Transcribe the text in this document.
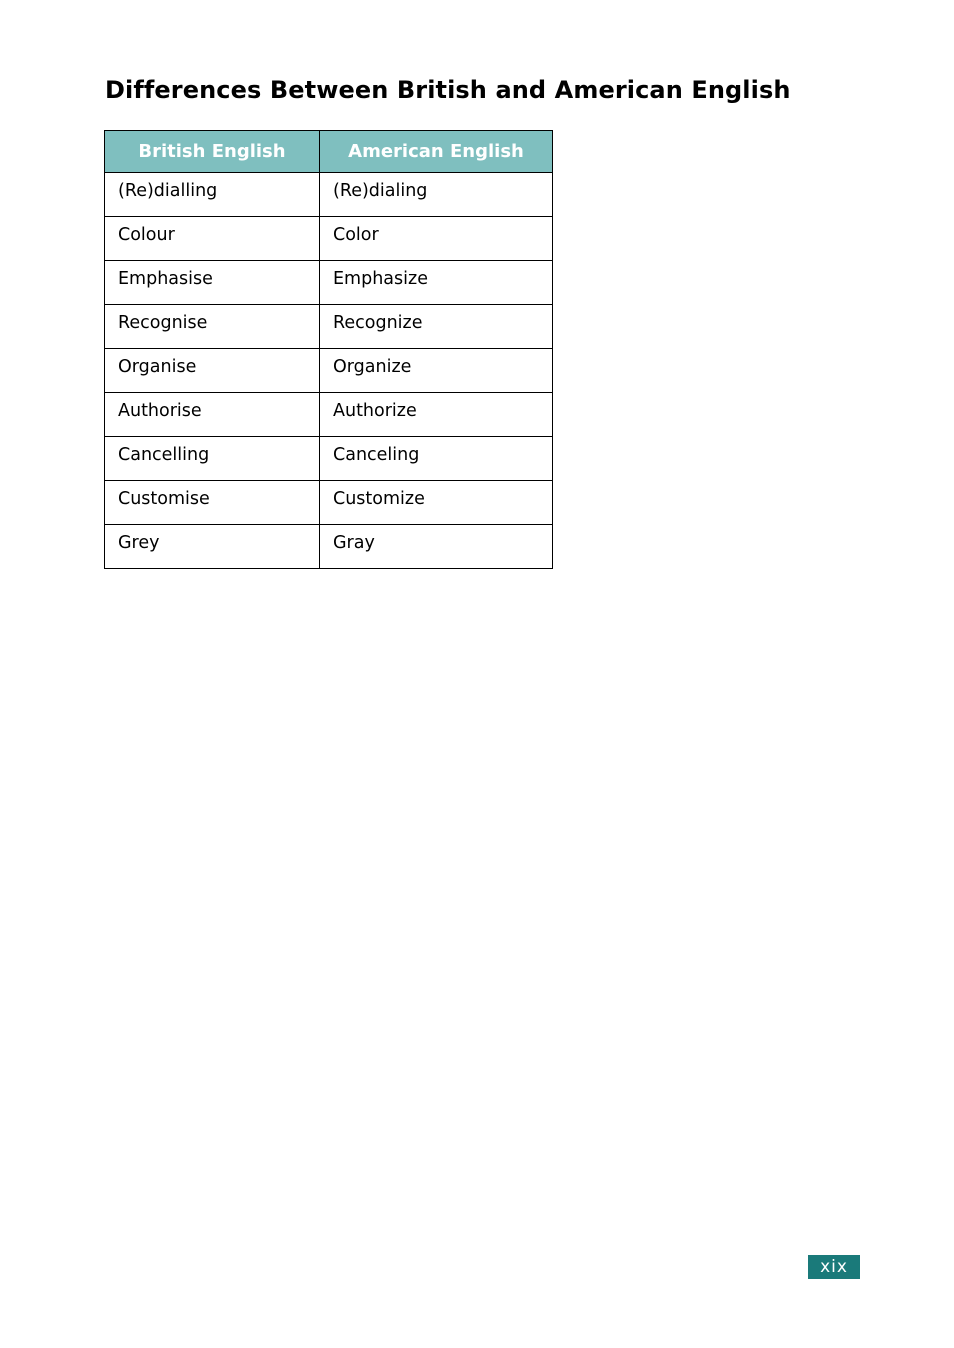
Differences Between British and American English
British English	American English
(Re)dialling	(Re)dialing
Colour	Color
Emphasise	Emphasize
Recognise	Recognize
Organise	Organize
Authorise	Authorize
Cancelling	Canceling
Customise	Customize
Grey	Gray
xix
